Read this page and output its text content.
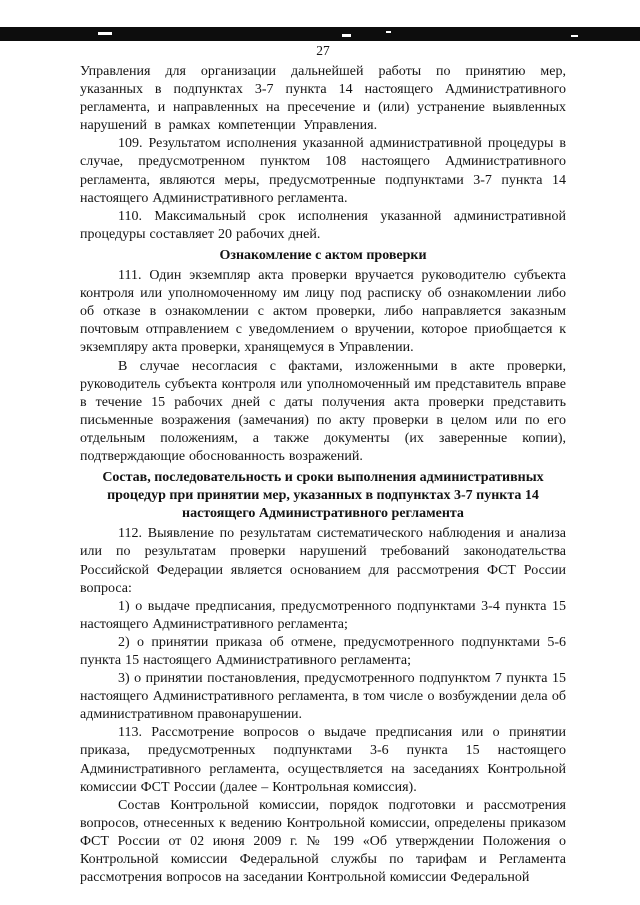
27

Управления для организации дальнейшей работы по принятию мер, указанных в подпунктах 3-7 пункта 14 настоящего Административного регламента, и направленных на пресечение и (или) устранение выявленных нарушений в рамках компетенции Управления.

109. Результатом исполнения указанной административной процедуры в случае, предусмотренном пунктом 108 настоящего Административного регламента, являются меры, предусмотренные подпунктами 3-7 пункта 14 настоящего Административного регламента.

110. Максимальный срок исполнения указанной административной процедуры составляет 20 рабочих дней.

Ознакомление с актом проверки

111. Один экземпляр акта проверки вручается руководителю субъекта контроля или уполномоченному им лицу под расписку об ознакомлении либо об отказе в ознакомлении с актом проверки, либо направляется заказным почтовым отправлением с уведомлением о вручении, которое приобщается к экземпляру акта проверки, хранящемуся в Управлении.

В случае несогласия с фактами, изложенными в акте проверки, руководитель субъекта контроля или уполномоченный им представитель вправе в течение 15 рабочих дней с даты получения акта проверки представить письменные возражения (замечания) по акту проверки в целом или по его отдельным положениям, а также документы (их заверенные копии), подтверждающие обоснованность возражений.

Состав, последовательность и сроки выполнения административных процедур при принятии мер, указанных в подпунктах 3-7 пункта 14 настоящего Административного регламента

112. Выявление по результатам систематического наблюдения и анализа или по результатам проверки нарушений требований законодательства Российской Федерации является основанием для рассмотрения ФСТ России вопроса:

1) о выдаче предписания, предусмотренного подпунктами 3-4 пункта 15 настоящего Административного регламента;

2) о принятии приказа об отмене, предусмотренного подпунктами 5-6 пункта 15 настоящего Административного регламента;

3) о принятии постановления, предусмотренного подпунктом 7 пункта 15 настоящего Административного регламента, в том числе о возбуждении дела об административном правонарушении.

113. Рассмотрение вопросов о выдаче предписания или о принятии приказа, предусмотренных подпунктами 3-6 пункта 15 настоящего Административного регламента, осуществляется на заседаниях Контрольной комиссии ФСТ России (далее – Контрольная комиссия).

Состав Контрольной комиссии, порядок подготовки и рассмотрения вопросов, отнесенных к ведению Контрольной комиссии, определены приказом ФСТ России от 02 июня 2009 г. № 199 «Об утверждении Положения о Контрольной комиссии Федеральной службы по тарифам и Регламента рассмотрения вопросов на заседании Контрольной комиссии Федеральной
